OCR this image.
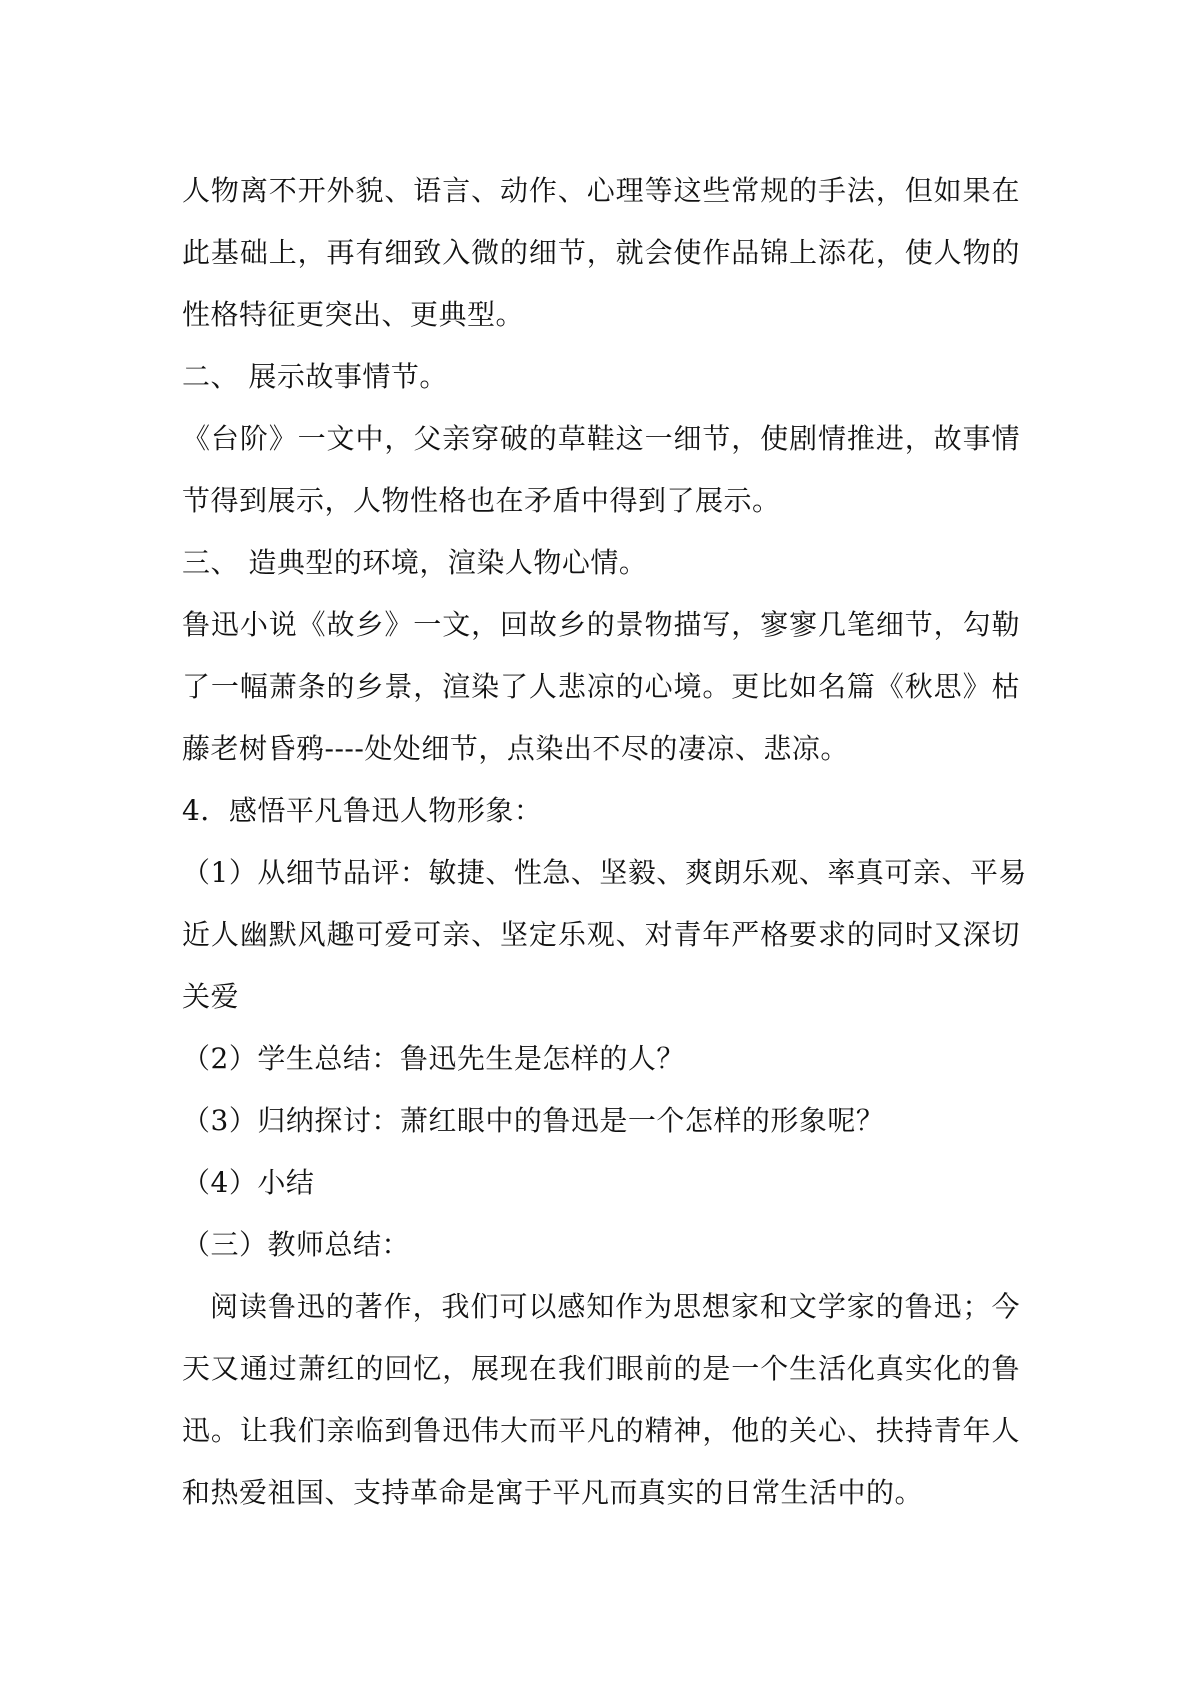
人物离不开外貌、语言、动作、心理等这些常规的手法，但如果在
此基础上，再有细致入微的细节，就会使作品锦上添花，使人物的
性格特征更突出、更典型。
二、 展示故事情节。
《台阶》一文中，父亲穿破的草鞋这一细节，使剧情推进，故事情
节得到展示，人物性格也在矛盾中得到了展示。
三、 造典型的环境，渲染人物心情。
鲁迅小说《故乡》一文，回故乡的景物描写，寥寥几笔细节，勾勒
了一幅萧条的乡景，渲染了人悲凉的心境。更比如名篇《秋思》枯
藤老树昏鸦----处处细节，点染出不尽的凄凉、悲凉。
4．感悟平凡鲁迅人物形象：
（1）从细节品评：敏捷、性急、坚毅、爽朗乐观、率真可亲、平易
近人幽默风趣可爱可亲、坚定乐观、对青年严格要求的同时又深切
关爱
（2）学生总结：鲁迅先生是怎样的人？
（3）归纳探讨：萧红眼中的鲁迅是一个怎样的形象呢？
（4）小结
（三）教师总结：
阅读鲁迅的著作，我们可以感知作为思想家和文学家的鲁迅；今
天又通过萧红的回忆，展现在我们眼前的是一个生活化真实化的鲁
迅。让我们亲临到鲁迅伟大而平凡的精神，他的关心、扶持青年人
和热爱祖国、支持革命是寓于平凡而真实的日常生活中的。
